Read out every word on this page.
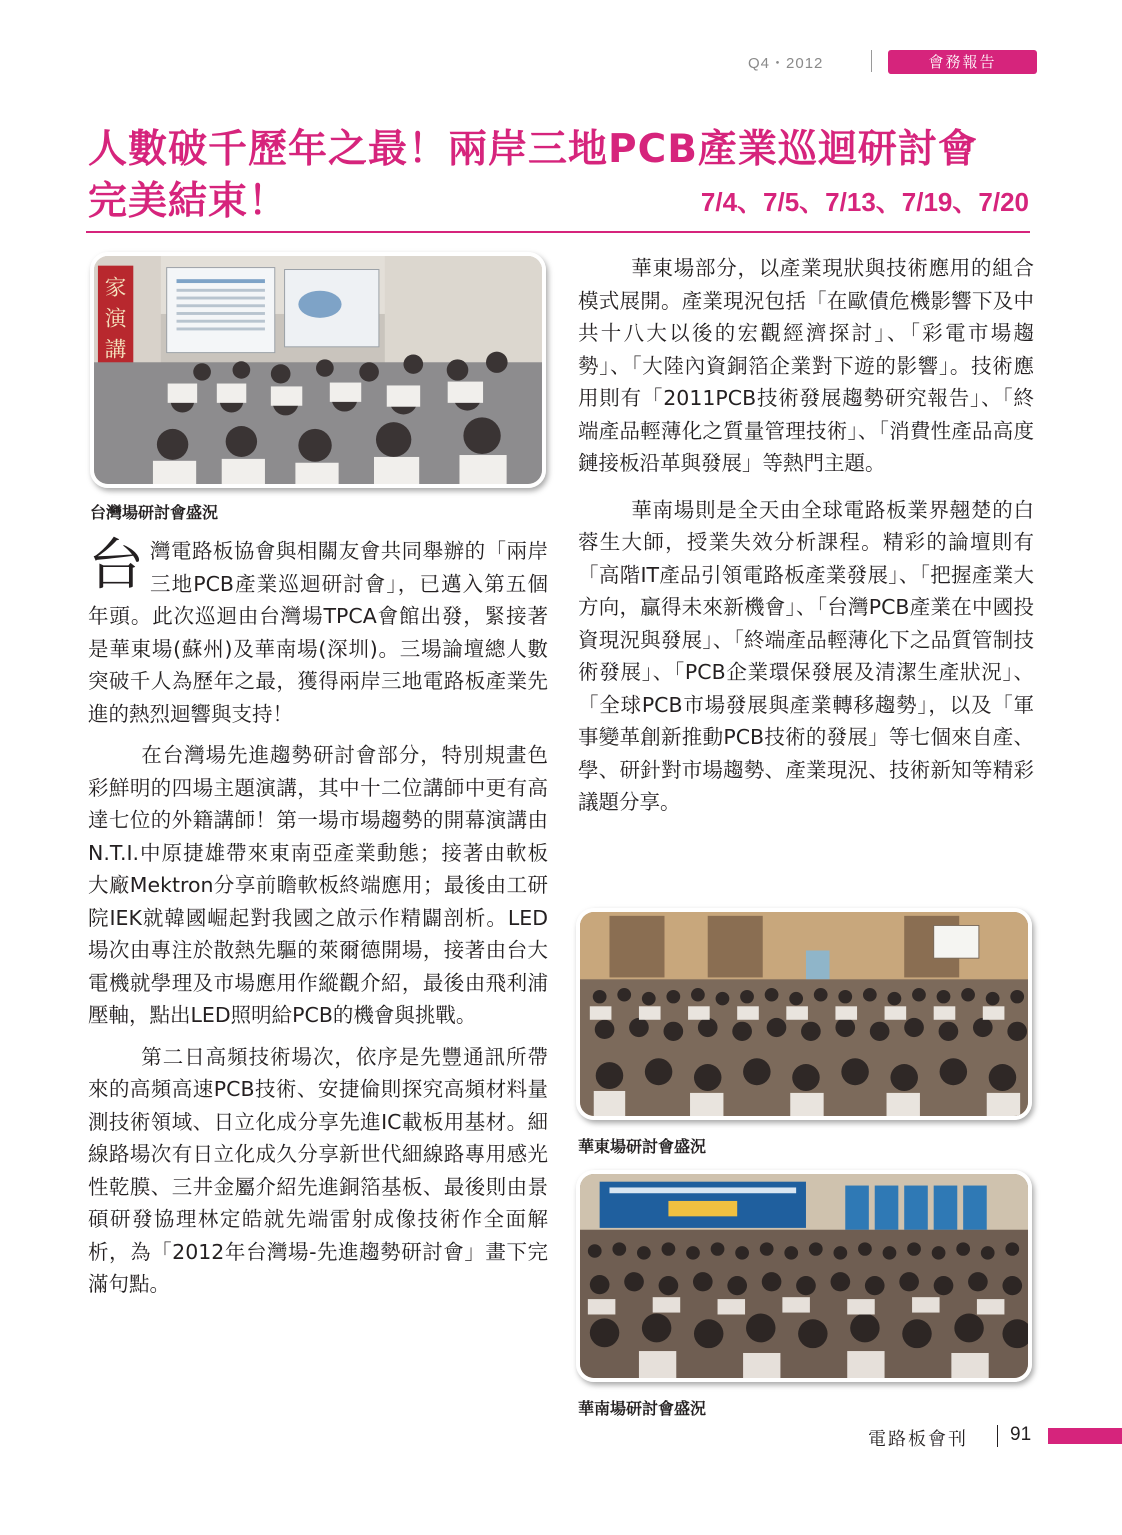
Q4・2012	會務報告
人數破千歷年之最！兩岸三地PCB產業巡迴研討會
完美結束！	7/4、7/5、7/13、7/19、7/20
家
演
講
台灣場研討會盛況

台灣電路板協會與相關友會共同舉辦的「兩岸三地PCB產業巡迴研討會」，已邁入第五個年頭。此次巡迴由台灣場TPCA會館出發，緊接著是華東場(蘇州)及華南場(深圳)。三場論壇總人數突破千人為歷年之最，獲得兩岸三地電路板產業先進的熱烈迴響與支持！

在台灣場先進趨勢研討會部分，特別規畫色彩鮮明的四場主題演講，其中十二位講師中更有高達七位的外籍講師！第一場市場趨勢的開幕演講由N.T.I.中原捷雄帶來東南亞產業動態；接著由軟板大廠Mektron分享前瞻軟板終端應用；最後由工研院IEK就韓國崛起對我國之啟示作精闢剖析。LED場次由專注於散熱先驅的萊爾德開場，接著由台大電機就學理及市場應用作縱觀介紹，最後由飛利浦壓軸，點出LED照明給PCB的機會與挑戰。

第二日高頻技術場次，依序是先豐通訊所帶來的高頻高速PCB技術、安捷倫則探究高頻材料量測技術領域、日立化成分享先進IC載板用基材。細線路場次有日立化成久分享新世代細線路專用感光性乾膜、三井金屬介紹先進銅箔基板、最後則由景碩研發協理林定皓就先端雷射成像技術作全面解析，為「2012年台灣場-先進趨勢研討會」畫下完滿句點。

華東場部分，以產業現狀與技術應用的組合模式展開。產業現況包括「在歐債危機影響下及中共十八大以後的宏觀經濟探討」、「彩電市場趨勢」、「大陸內資銅箔企業對下遊的影響」。技術應用則有「2011PCB技術發展趨勢研究報告」、「終端產品輕薄化之質量管理技術」、「消費性產品高度鏈接板沿革與發展」等熱門主題。

華南場則是全天由全球電路板業界翹楚的白蓉生大師，授業失效分析課程。精彩的論壇則有「高階IT產品引領電路板產業發展」、「把握產業大方向，贏得未來新機會」、「台灣PCB產業在中國投資現況與發展」、「終端產品輕薄化下之品質管制技術發展」、「PCB企業環保發展及清潔生產狀況」、「全球PCB市場發展與產業轉移趨勢」，以及「軍事變革創新推動PCB技術的發展」等七個來自產、學、研針對市場趨勢、產業現況、技術新知等精彩議題分享。

華東場研討會盛況
華南場研討會盛況
電路板會刊 91
